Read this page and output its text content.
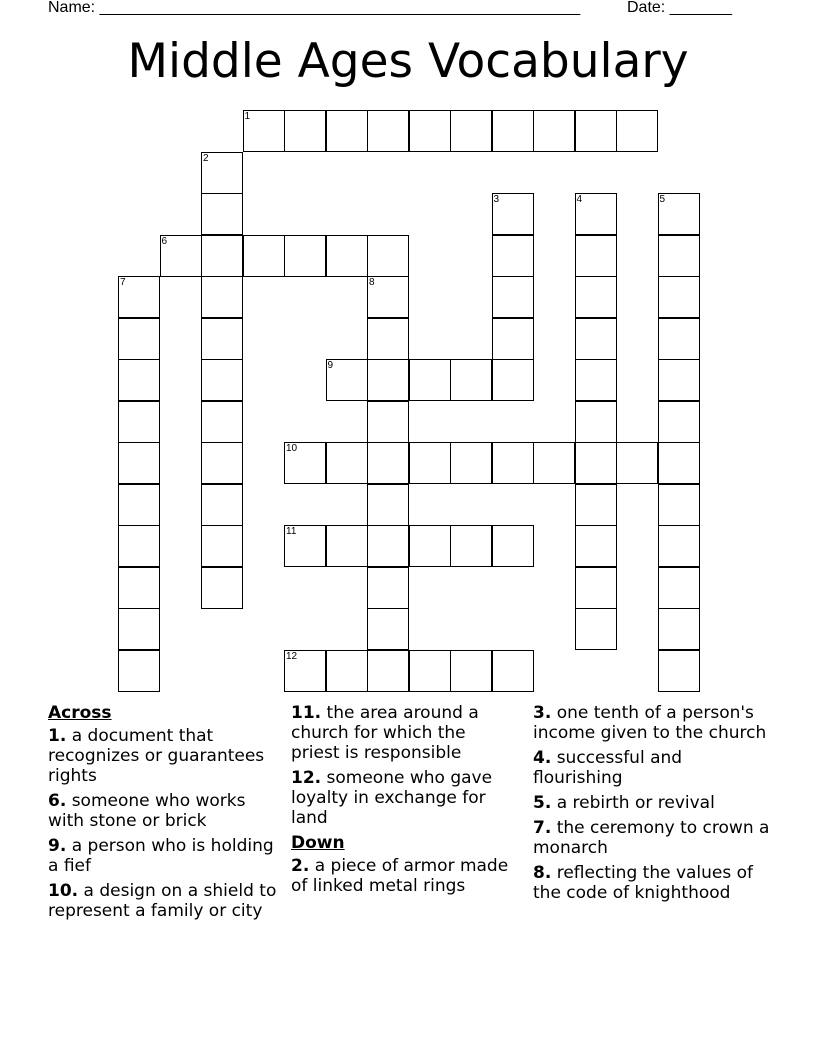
Name: ______________________________________________________	Date: _______
Middle Ages Vocabulary
1
2
3	4	5
6
7	8
9
10
11
12
Across
1. a document that recognizes or guarantees rights
6. someone who works with stone or brick
9. a person who is holding a fief
10. a design on a shield to represent a family or city
11. the area around a church for which the priest is responsible
12. someone who gave loyalty in exchange for land
Down
2. a piece of armor made of linked metal rings
3. one tenth of a person's income given to the church
4. successful and flourishing
5. a rebirth or revival
7. the ceremony to crown a monarch
8. reflecting the values of the code of knighthood
